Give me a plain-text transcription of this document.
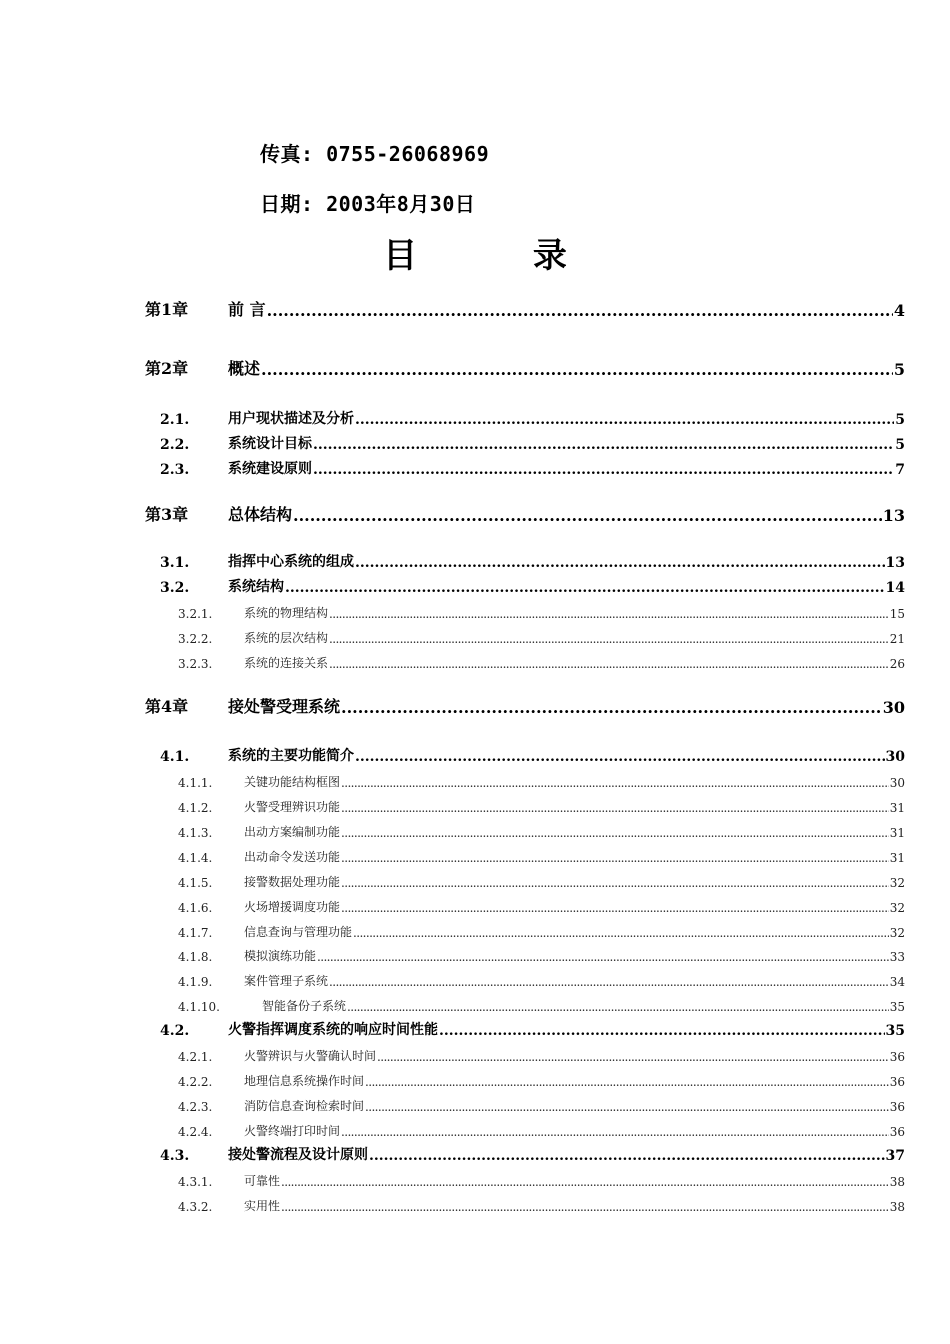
传真: 0755-26068969
日期: 2003年8月30日
目 录
第1章	前 言 .....	4
第2章	概述 .....	5
2.1.	用户现状描述及分析 .....	5
2.2.	系统设计目标 .....	5
2.3.	系统建设原则 .....	7
第3章	总体结构 .....	13
3.1.	指挥中心系统的组成 .....	13
3.2.	系统结构 .....	14
3.2.1.	系统的物理结构 .....	15
3.2.2.	系统的层次结构 .....	21
3.2.3.	系统的连接关系 .....	26
第4章	接处警受理系统 .....	30
4.1.	系统的主要功能简介 .....	30
4.1.1.	关键功能结构框图 .....	30
4.1.2.	火警受理辨识功能 .....	31
4.1.3.	出动方案编制功能 .....	31
4.1.4.	出动命令发送功能 .....	31
4.1.5.	接警数据处理功能 .....	32
4.1.6.	火场增援调度功能 .....	32
4.1.7.	信息查询与管理功能 .....	32
4.1.8.	模拟演练功能 .....	33
4.1.9.	案件管理子系统 .....	34
4.1.10.	智能备份子系统 .....	35
4.2.	火警指挥调度系统的响应时间性能 .....	35
4.2.1.	火警辨识与火警确认时间 .....	36
4.2.2.	地理信息系统操作时间 .....	36
4.2.3.	消防信息查询检索时间 .....	36
4.2.4.	火警终端打印时间 .....	36
4.3.	接处警流程及设计原则 .....	37
4.3.1.	可靠性 .....	38
4.3.2.	实用性 .....	38
